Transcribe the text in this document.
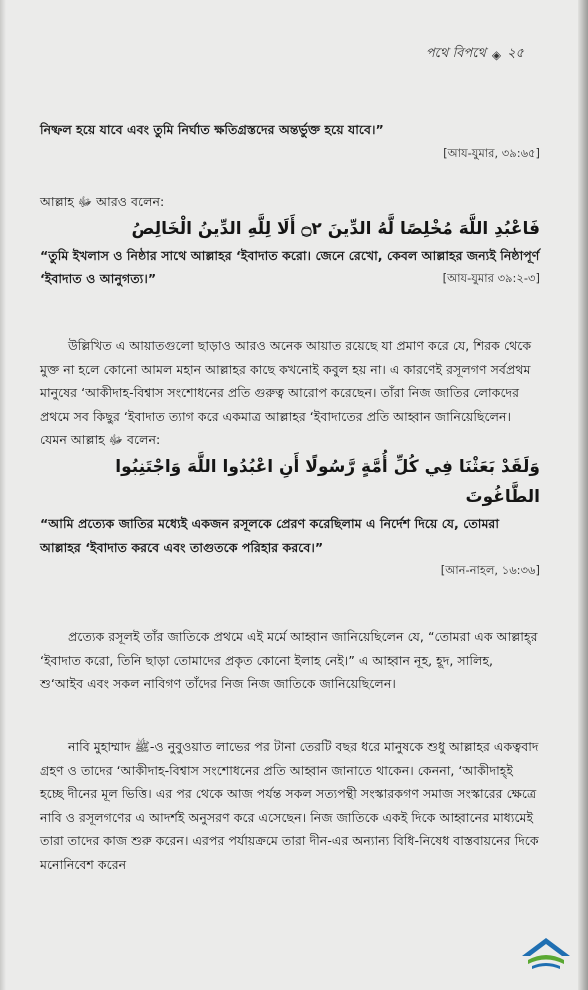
পথে বিপথে ◈ ২৫

নিষ্ফল হয়ে যাবে এবং তুমি নির্ঘাত ক্ষতিগ্রস্তদের অন্তর্ভুক্ত হয়ে যাবে।”

[আয-যুমার, ৩৯:৬৫]

আল্লাহ ﷻ আরও বলেন:

فَاعْبُدِ اللَّهَ مُخْلِصًا لَّهُ الدِّينَ ۝٢ أَلَا لِلَّهِ الدِّينُ الْخَالِصُ

“তুমি ইখলাস ও নিষ্ঠার সাথে আল্লাহর ‘ইবাদাত করো। জেনে রেখো, কেবল আল্লাহর জন্যই নিষ্ঠাপূর্ণ ‘ইবাদাত ও আনুগত্য।”	[আয-যুমার ৩৯:২-৩]

উল্লিখিত এ আয়াতগুলো ছাড়াও আরও অনেক আয়াত রয়েছে যা প্রমাণ করে যে, শিরক থেকে মুক্ত না হলে কোনো আমল মহান আল্লাহর কাছে কখনোই কবুল হয় না। এ কারণেই রসূলগণ সর্বপ্রথম মানুষের ‘আকীদাহ-বিশ্বাস সংশোধনের প্রতি গুরুত্ব আরোপ করেছেন। তাঁরা নিজ জাতির লোকদের প্রথমে সব কিছুর ‘ইবাদাত ত্যাগ করে একমাত্র আল্লাহর ‘ইবাদাতের প্রতি আহ্বান জানিয়েছিলেন। যেমন আল্লাহ ﷻ বলেন:

وَلَقَدْ بَعَثْنَا فِي كُلِّ أُمَّةٍ رَّسُولًا أَنِ اعْبُدُوا اللَّهَ وَاجْتَنِبُوا الطَّاغُوتَ

“আমি প্রত্যেক জাতির মধ্যেই একজন রসূলকে প্রেরণ করেছিলাম এ নির্দেশ দিয়ে যে, তোমরা আল্লাহর ‘ইবাদাত করবে এবং তাগুতকে পরিহার করবে।”

[আন-নাহল, ১৬:৩৬]

প্রত্যেক রসূলই তাঁর জাতিকে প্রথমে এই মর্মে আহ্বান জানিয়েছিলেন যে, “তোমরা এক আল্লাহ্‌র ‘ইবাদাত করো, তিনি ছাড়া তোমাদের প্রকৃত কোনো ইলাহ নেই।” এ আহ্বান নূহ, হূদ, সালিহ, শু‘আইব এবং সকল নাবিগণ তাঁদের নিজ নিজ জাতিকে জানিয়েছিলেন।

নাবি মুহাম্মাদ ﷺ-ও নুবুওয়াত লাভের পর টানা তেরটি বছর ধরে মানুষকে শুধু আল্লাহর একত্ববাদ গ্রহণ ও তাদের ‘আকীদাহ-বিশ্বাস সংশোধনের প্রতি আহ্বান জানাতে থাকেন। কেননা, ‘আকীদাহ্ই হচ্ছে দীনের মূল ভিত্তি। এর পর থেকে আজ পর্যন্ত সকল সত্যপন্থী সংস্কারকগণ সমাজ সংস্কারের ক্ষেত্রে নাবি ও রসূলগণের এ আদর্শই অনুসরণ করে এসেছেন। নিজ জাতিকে একই দিকে আহ্বানের মাধ্যমেই তারা তাদের কাজ শুরু করেন। এরপর পর্যায়ক্রমে তারা দীন-এর অন্যান্য বিধি-নিষেধ বাস্তবায়নের দিকে মনোনিবেশ করেন
